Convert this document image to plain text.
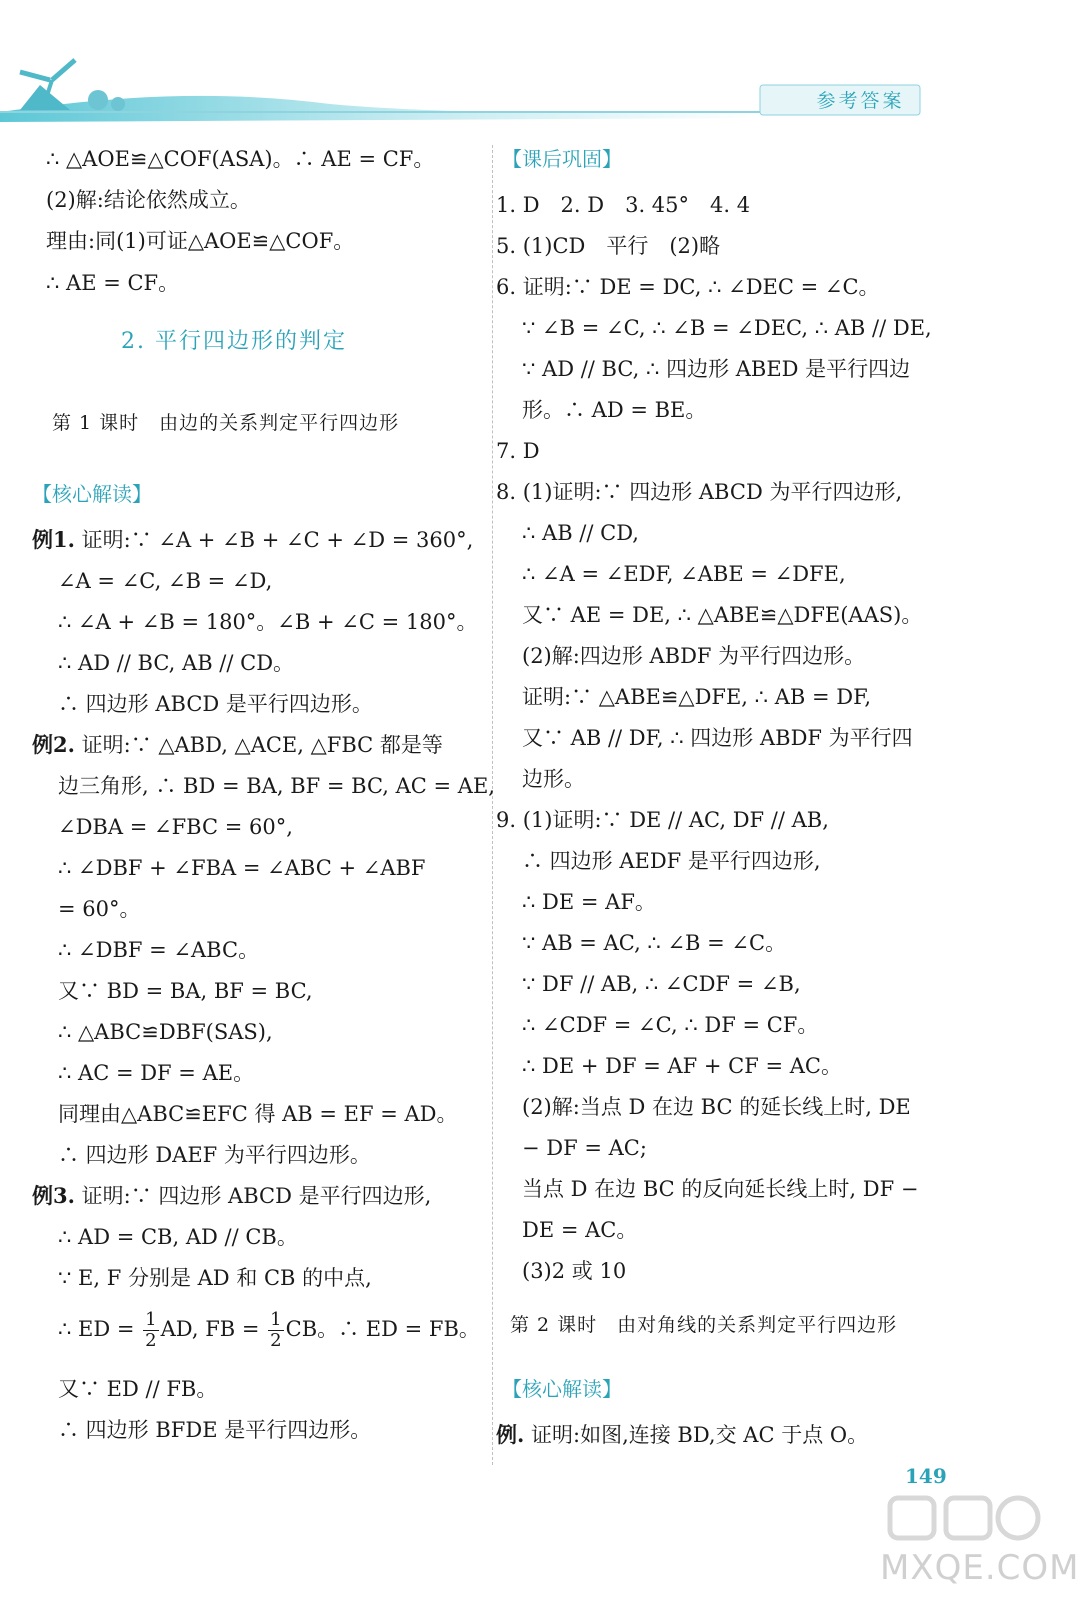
参考答案
∴ △AOE≌△COF(ASA)。∴ AE = CF。
(2)解:结论依然成立。
理由:同(1)可证△AOE≌△COF。
∴ AE = CF。
2. 平行四边形的判定
第 1 课时　由边的关系判定平行四边形
【核心解读】
例1. 证明:∵ ∠A + ∠B + ∠C + ∠D = 360°,
∠A = ∠C, ∠B = ∠D,
∴ ∠A + ∠B = 180°。∠B + ∠C = 180°。
∴ AD // BC, AB // CD。
∴ 四边形 ABCD 是平行四边形。
例2. 证明:∵ △ABD, △ACE, △FBC 都是等
边三角形, ∴ BD = BA, BF = BC, AC = AE,
∠DBA = ∠FBC = 60°,
∴ ∠DBF + ∠FBA = ∠ABC + ∠ABF
= 60°。
∴ ∠DBF = ∠ABC。
又∵ BD = BA, BF = BC,
∴ △ABC≌DBF(SAS),
∴ AC = DF = AE。
同理由△ABC≌EFC 得 AB = EF = AD。
∴ 四边形 DAEF 为平行四边形。
例3. 证明:∵ 四边形 ABCD 是平行四边形,
∴ AD = CB, AD // CB。
∵ E, F 分别是 AD 和 CB 的中点,
∴ ED = $\frac{1}{2}$ AD, FB = $\frac{1}{2}$ CB。∴ ED = FB。
又∵ ED // FB。
∴ 四边形 BFDE 是平行四边形。
【课后巩固】
1. D　2. D　3. 45°　4. 4
5. (1)CD　平行　(2)略
6. 证明:∵ DE = DC, ∴ ∠DEC = ∠C。
∵ ∠B = ∠C, ∴ ∠B = ∠DEC, ∴ AB // DE,
∵ AD // BC, ∴ 四边形 ABED 是平行四边
形。∴ AD = BE。
7. D
8. (1)证明:∵ 四边形 ABCD 为平行四边形,
∴ AB // CD,
∴ ∠A = ∠EDF, ∠ABE = ∠DFE,
又∵ AE = DE, ∴ △ABE≌△DFE(AAS)。
(2)解:四边形 ABDF 为平行四边形。
证明:∵ △ABE≌△DFE, ∴ AB = DF,
又∵ AB // DF, ∴ 四边形 ABDF 为平行四
边形。
9. (1)证明:∵ DE // AC, DF // AB,
∴ 四边形 AEDF 是平行四边形,
∴ DE = AF。
∵ AB = AC, ∴ ∠B = ∠C。
∵ DF // AB, ∴ ∠CDF = ∠B,
∴ ∠CDF = ∠C, ∴ DF = CF。
∴ DE + DF = AF + CF = AC。
(2)解:当点 D 在边 BC 的延长线上时, DE
− DF = AC;
当点 D 在边 BC 的反向延长线上时, DF −
DE = AC。
(3)2 或 10
第 2 课时　由对角线的关系判定平行四边形
【核心解读】
例. 证明:如图,连接 BD,交 AC 于点 O。
149
MXQE.COM
